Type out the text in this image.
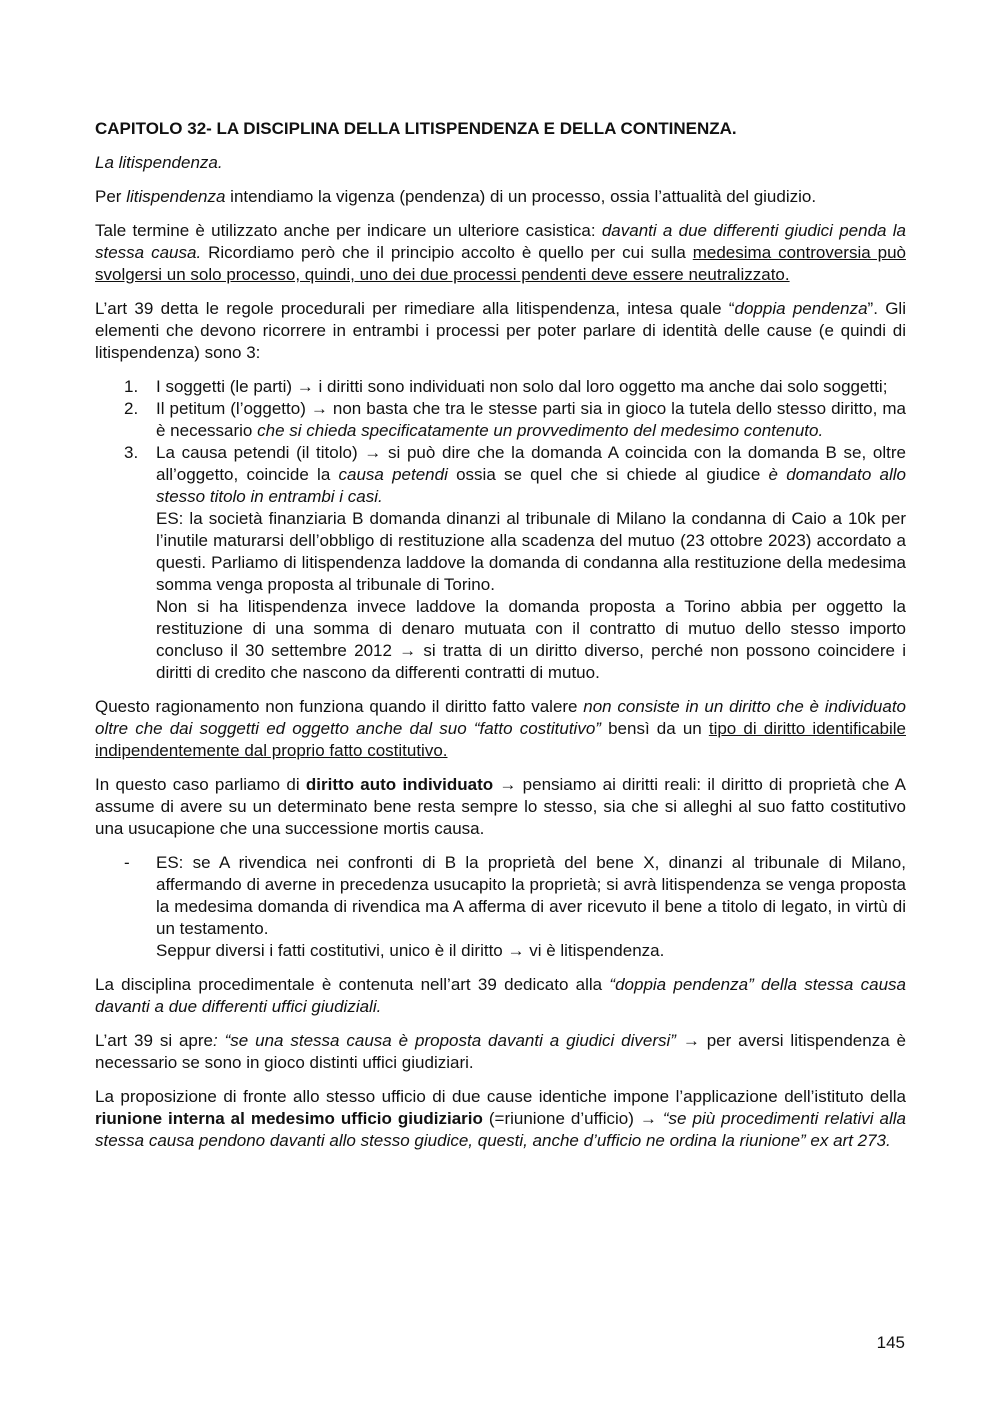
CAPITOLO 32- LA DISCIPLINA DELLA LITISPENDENZA E DELLA CONTINENZA.

La litispendenza.

Per litispendenza intendiamo la vigenza (pendenza) di un processo, ossia l’attualità del giudizio.

Tale termine è utilizzato anche per indicare un ulteriore casistica: davanti a due differenti giudici penda la stessa causa. Ricordiamo però che il principio accolto è quello per cui sulla medesima controversia può svolgersi un solo processo, quindi, uno dei due processi pendenti deve essere neutralizzato.

L’art 39 detta le regole procedurali per rimediare alla litispendenza, intesa quale “doppia pendenza”. Gli elementi che devono ricorrere in entrambi i processi per poter parlare di identità delle cause (e quindi di litispendenza) sono 3:

1. I soggetti (le parti) → i diritti sono individuati non solo dal loro oggetto ma anche dai solo soggetti;
2. Il petitum (l’oggetto) → non basta che tra le stesse parti sia in gioco la tutela dello stesso diritto, ma è necessario che si chieda specificatamente un provvedimento del medesimo contenuto.
3. La causa petendi (il titolo) → si può dire che la domanda A coincida con la domanda B se, oltre all’oggetto, coincide la causa petendi ossia se quel che si chiede al giudice è domandato allo stesso titolo in entrambi i casi.
ES: la società finanziaria B domanda dinanzi al tribunale di Milano la condanna di Caio a 10k per l’inutile maturarsi dell’obbligo di restituzione alla scadenza del mutuo (23 ottobre 2023) accordato a questi. Parliamo di litispendenza laddove la domanda di condanna alla restituzione della medesima somma venga proposta al tribunale di Torino.
Non si ha litispendenza invece laddove la domanda proposta a Torino abbia per oggetto la restituzione di una somma di denaro mutuata con il contratto di mutuo dello stesso importo concluso il 30 settembre 2012 → si tratta di un diritto diverso, perché non possono coincidere i diritti di credito che nascono da differenti contratti di mutuo.

Questo ragionamento non funziona quando il diritto fatto valere non consiste in un diritto che è individuato oltre che dai soggetti ed oggetto anche dal suo “fatto costitutivo” bensì da un tipo di diritto identificabile indipendentemente dal proprio fatto costitutivo.

In questo caso parliamo di diritto auto individuato → pensiamo ai diritti reali: il diritto di proprietà che A assume di avere su un determinato bene resta sempre lo stesso, sia che si alleghi al suo fatto costitutivo una usucapione che una successione mortis causa.

- ES: se A rivendica nei confronti di B la proprietà del bene X, dinanzi al tribunale di Milano, affermando di averne in precedenza usucapito la proprietà; si avrà litispendenza se venga proposta la medesima domanda di rivendica ma A afferma di aver ricevuto il bene a titolo di legato, in virtù di un testamento.
Seppur diversi i fatti costitutivi, unico è il diritto → vi è litispendenza.

La disciplina procedimentale è contenuta nell’art 39 dedicato alla “doppia pendenza” della stessa causa davanti a due differenti uffici giudiziali.

L’art 39 si apre: “se una stessa causa è proposta davanti a giudici diversi” → per aversi litispendenza è necessario se sono in gioco distinti uffici giudiziari.

La proposizione di fronte allo stesso ufficio di due cause identiche impone l’applicazione dell’istituto della riunione interna al medesimo ufficio giudiziario (=riunione d’ufficio) → “se più procedimenti relativi alla stessa causa pendono davanti allo stesso giudice, questi, anche d’ufficio ne ordina la riunione” ex art 273.

145
